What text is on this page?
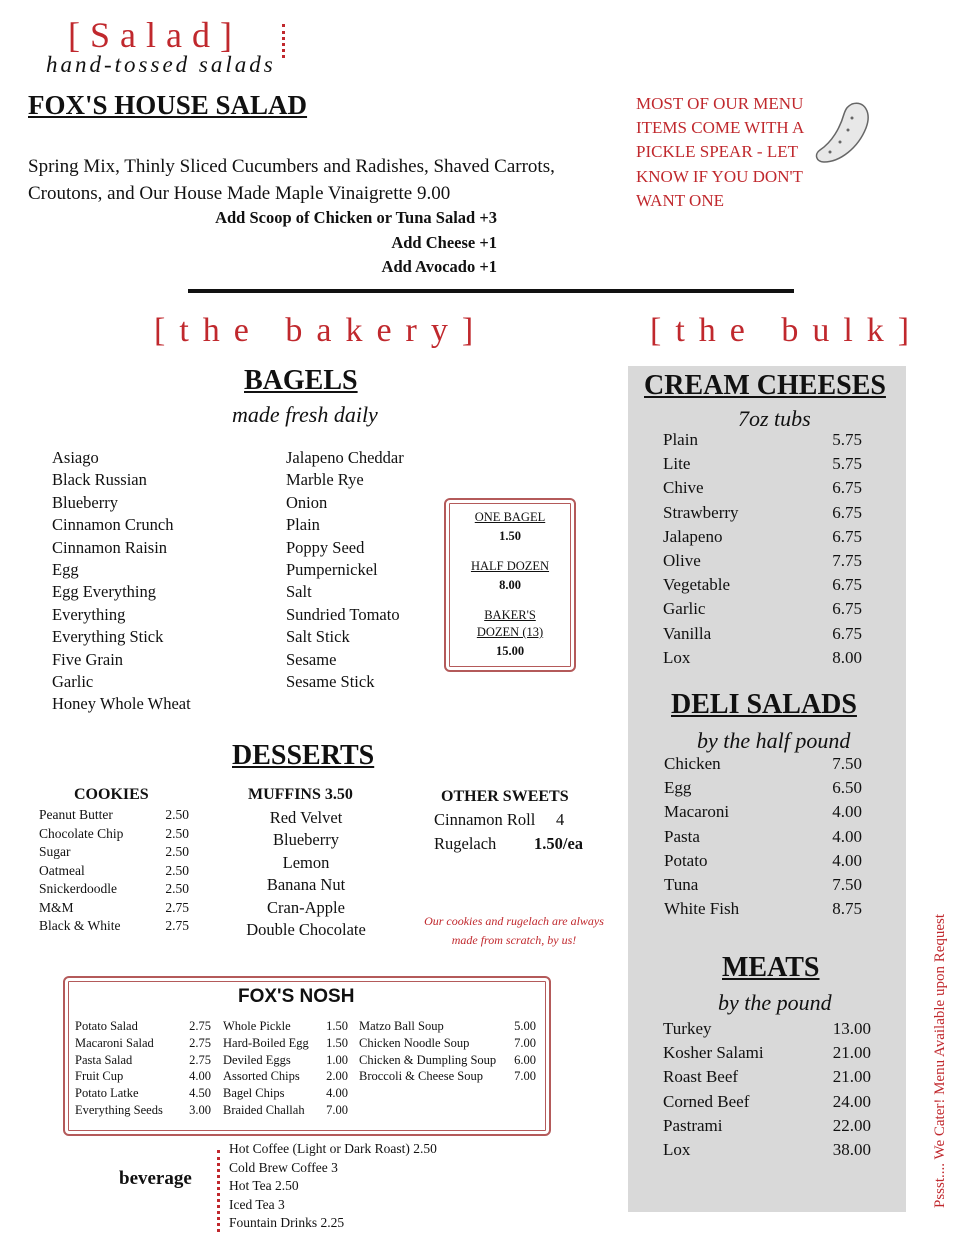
[Salad]
hand-tossed salads
FOX'S HOUSE SALAD
Spring Mix, Thinly Sliced Cucumbers and Radishes, Shaved Carrots,
Croutons, and Our House Made Maple Vinaigrette 9.00
Add Scoop of Chicken or Tuna Salad +3
Add Cheese +1
Add Avocado +1
MOST OF OUR MENU
ITEMS COME WITH A
PICKLE SPEAR - LET
KNOW IF YOU DON'T
WANT ONE
[the bakery]	[the bulk]
BAGELS
made fresh daily
Asiago
Black Russian
Blueberry
Cinnamon Crunch
Cinnamon Raisin
Egg
Egg Everything
Everything
Everything Stick
Five Grain
Garlic
Honey Whole Wheat
Jalapeno Cheddar
Marble Rye
Onion
Plain
Poppy Seed
Pumpernickel
Salt
Sundried Tomato
Salt Stick
Sesame
Sesame Stick
ONE BAGEL
1.50
HALF DOZEN
8.00
BAKER'S
DOZEN (13)
15.00
DESSERTS
COOKIES
Peanut Butter	2.50
Chocolate Chip	2.50
Sugar	2.50
Oatmeal	2.50
Snickerdoodle	2.50
M&M	2.75
Black & White	2.75
MUFFINS 3.50
Red Velvet
Blueberry
Lemon
Banana Nut
Cran-Apple
Double Chocolate
OTHER SWEETS
Cinnamon Roll	4
Rugelach	1.50/ea
Our cookies and rugelach are always
made from scratch, by us!
FOX'S NOSH
Potato Salad	2.75
Macaroni Salad	2.75
Pasta Salad	2.75
Fruit Cup	4.00
Potato Latke	4.50
Everything Seeds 3.00
Whole Pickle	1.50
Hard-Boiled Egg 1.50
Deviled Eggs	1.00
Assorted Chips 2.00
Bagel Chips	4.00
Braided Challah 7.00
Matzo Ball Soup	5.00
Chicken Noodle Soup	7.00
Chicken & Dumpling Soup 6.00
Broccoli & Cheese Soup 7.00
beverage
Hot Coffee (Light or Dark Roast) 2.50
Cold Brew Coffee 3
Hot Tea 2.50
Iced Tea 3
Fountain Drinks 2.25
CREAM CHEESES
7oz tubs
Plain	5.75
Lite	5.75
Chive	6.75
Strawberry	6.75
Jalapeno	6.75
Olive	7.75
Vegetable	6.75
Garlic	6.75
Vanilla	6.75
Lox	8.00
DELI SALADS
by the half pound
Chicken	7.50
Egg	6.50
Macaroni	4.00
Pasta	4.00
Potato	4.00
Tuna	7.50
White Fish	8.75
MEATS
by the pound
Turkey	13.00
Kosher Salami	21.00
Roast Beef	21.00
Corned Beef	24.00
Pastrami	22.00
Lox	38.00	Pssst.... We Cater! Menu Available upon Request
